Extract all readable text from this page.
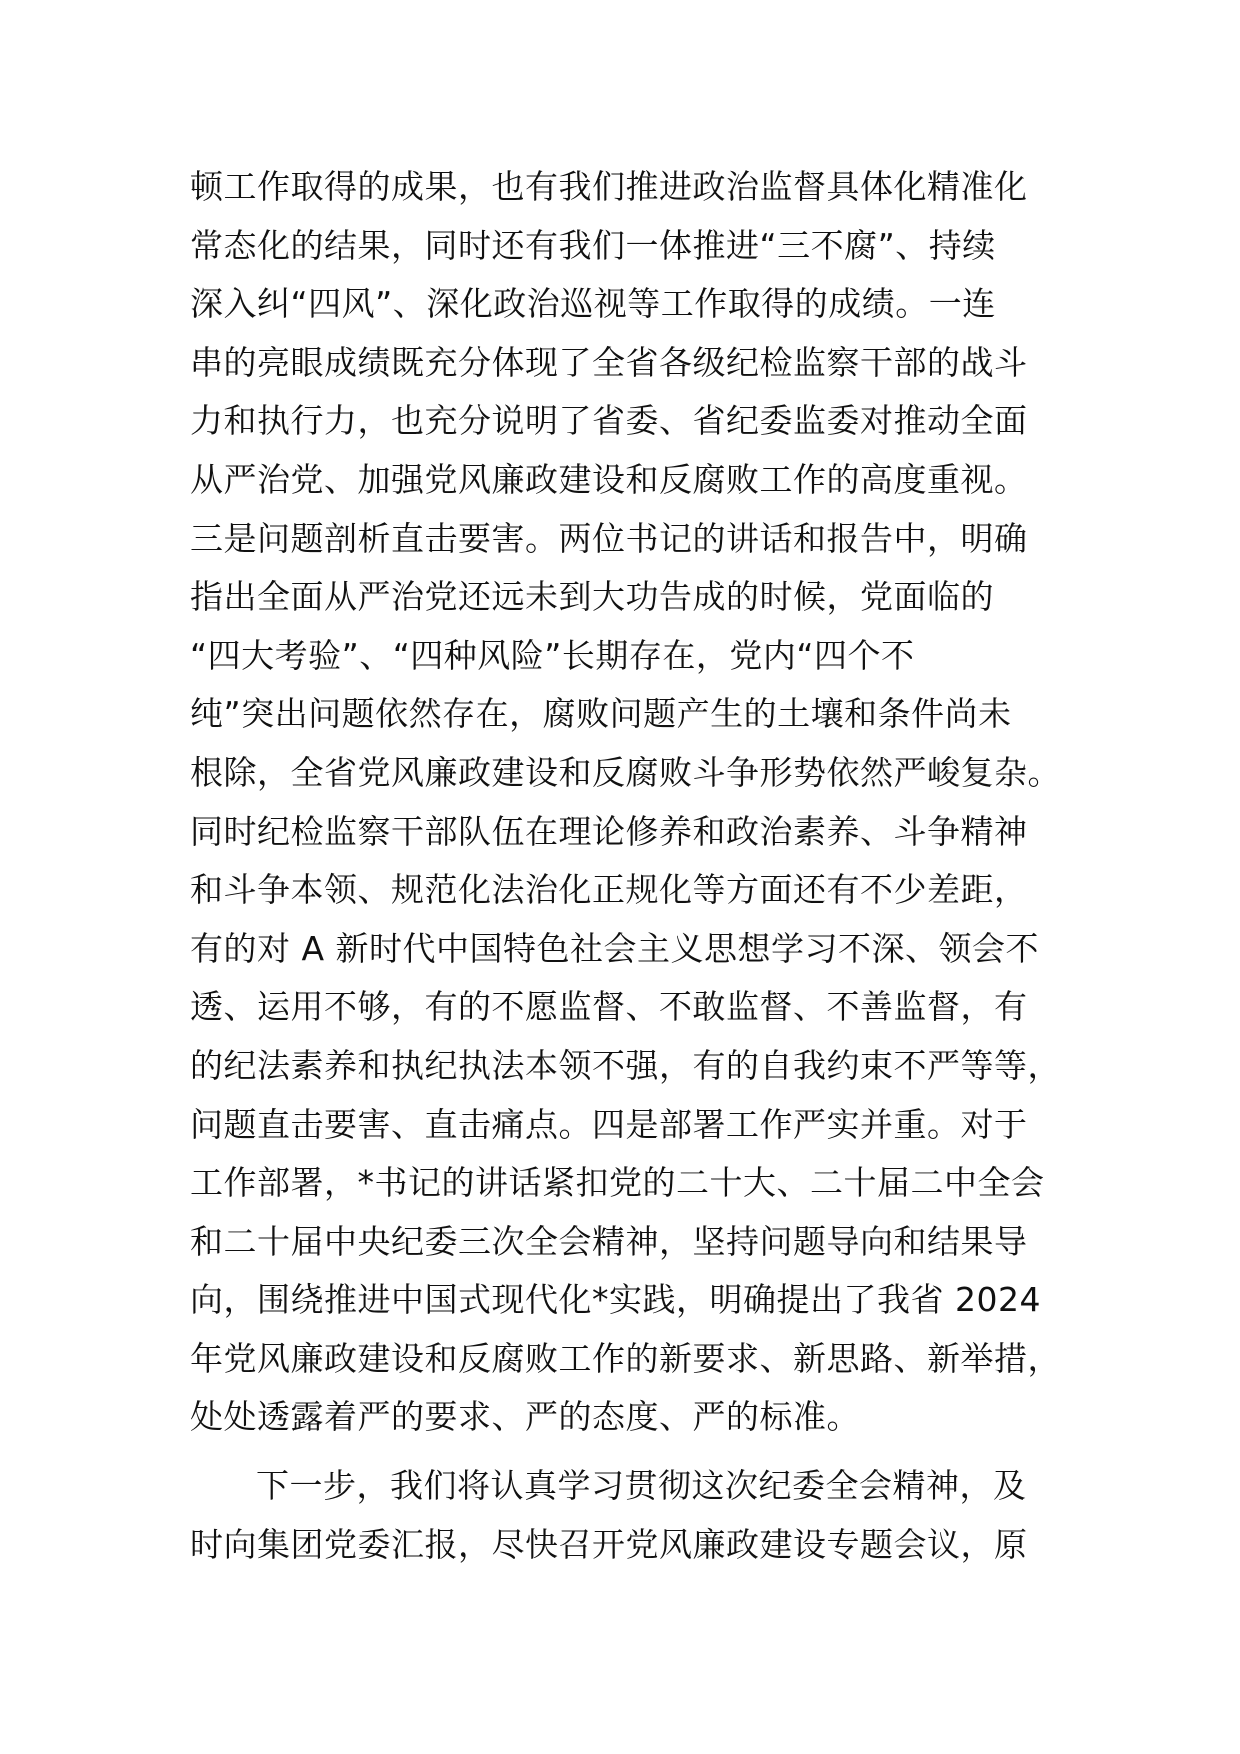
顿工作取得的成果，也有我们推进政治监督具体化精准化
常态化的结果，同时还有我们一体推进“三不腐”、持续
深入纠“四风”、深化政治巡视等工作取得的成绩。一连
串的亮眼成绩既充分体现了全省各级纪检监察干部的战斗
力和执行力，也充分说明了省委、省纪委监委对推动全面
从严治党、加强党风廉政建设和反腐败工作的高度重视。
三是问题剖析直击要害。两位书记的讲话和报告中，明确
指出全面从严治党还远未到大功告成的时候，党面临的
“四大考验”、“四种风险”长期存在，党内“四个不
纯”突出问题依然存在，腐败问题产生的土壤和条件尚未
根除，全省党风廉政建设和反腐败斗争形势依然严峻复杂。
同时纪检监察干部队伍在理论修养和政治素养、斗争精神
和斗争本领、规范化法治化正规化等方面还有不少差距，
有的对 A 新时代中国特色社会主义思想学习不深、领会不
透、运用不够，有的不愿监督、不敢监督、不善监督，有
的纪法素养和执纪执法本领不强，有的自我约束不严等等，
问题直击要害、直击痛点。四是部署工作严实并重。对于
工作部署，*书记的讲话紧扣党的二十大、二十届二中全会
和二十届中央纪委三次全会精神，坚持问题导向和结果导
向，围绕推进中国式现代化*实践，明确提出了我省 2024
年党风廉政建设和反腐败工作的新要求、新思路、新举措，
处处透露着严的要求、严的态度、严的标准。
下一步，我们将认真学习贯彻这次纪委全会精神，及
时向集团党委汇报，尽快召开党风廉政建设专题会议，原
